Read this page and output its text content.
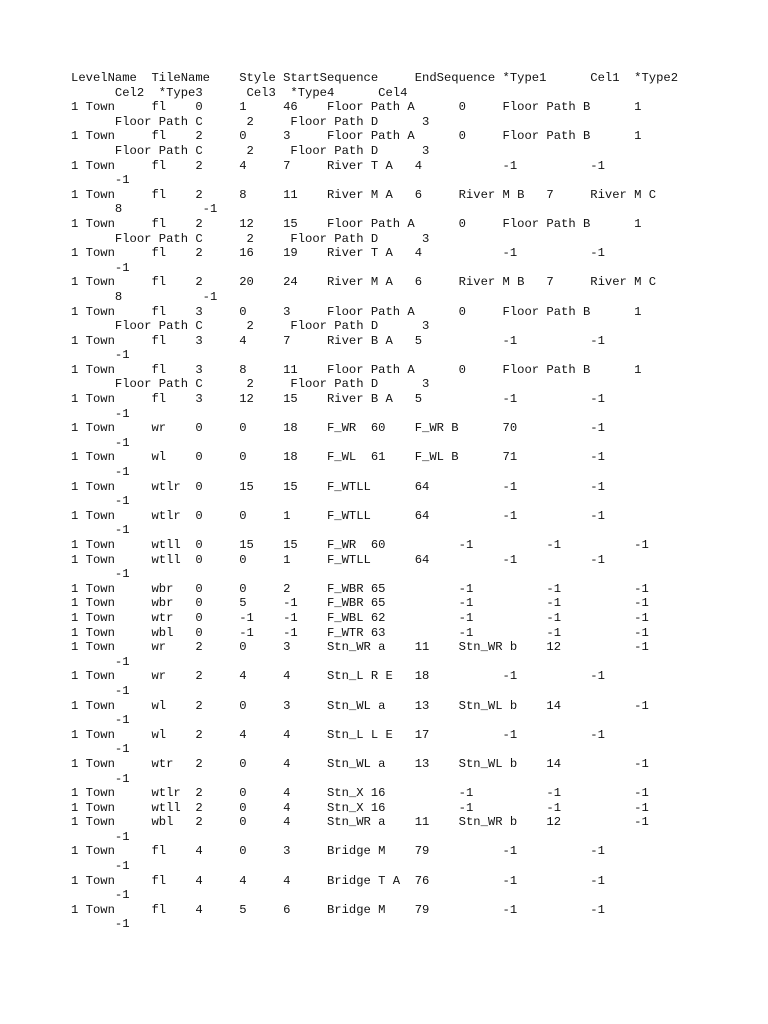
LevelName  TileName    Style StartSequence     EndSequence *Type1      Cel1  *Type2
Cel2  *Type3      Cel3  *Type4      Cel4
1 Town     fl    0     1     46    Floor Path A      0     Floor Path B      1
Floor Path C      2     Floor Path D      3
1 Town     fl    2     0     3     Floor Path A      0     Floor Path B      1
Floor Path C      2     Floor Path D      3
1 Town     fl    2     4     7     River T A   4           -1          -1
-1
1 Town     fl    2     8     11    River M A   6     River M B   7     River M C
8           -1
1 Town     fl    2     12    15    Floor Path A      0     Floor Path B      1
Floor Path C      2     Floor Path D      3
1 Town     fl    2     16    19    River T A   4           -1          -1
-1
1 Town     fl    2     20    24    River M A   6     River M B   7     River M C
8           -1
1 Town     fl    3     0     3     Floor Path A      0     Floor Path B      1
Floor Path C      2     Floor Path D      3
1 Town     fl    3     4     7     River B A   5           -1          -1
-1
1 Town     fl    3     8     11    Floor Path A      0     Floor Path B      1
Floor Path C      2     Floor Path D      3
1 Town     fl    3     12    15    River B A   5           -1          -1
-1
1 Town     wr    0     0     18    F_WR  60    F_WR B      70          -1
-1
1 Town     wl    0     0     18    F_WL  61    F_WL B      71          -1
-1
1 Town     wtlr  0     15    15    F_WTLL      64          -1          -1
-1
1 Town     wtlr  0     0     1     F_WTLL      64          -1          -1
-1
1 Town     wtll  0     15    15    F_WR  60          -1          -1          -1
1 Town     wtll  0     0     1     F_WTLL      64          -1          -1
-1
1 Town     wbr   0     0     2     F_WBR 65          -1          -1          -1
1 Town     wbr   0     5     -1    F_WBR 65          -1          -1          -1
1 Town     wtr   0     -1    -1    F_WBL 62          -1          -1          -1
1 Town     wbl   0     -1    -1    F_WTR 63          -1          -1          -1
1 Town     wr    2     0     3     Stn_WR a    11    Stn_WR b    12          -1
-1
1 Town     wr    2     4     4     Stn_L R E   18          -1          -1
-1
1 Town     wl    2     0     3     Stn_WL a    13    Stn_WL b    14          -1
-1
1 Town     wl    2     4     4     Stn_L L E   17          -1          -1
-1
1 Town     wtr   2     0     4     Stn_WL a    13    Stn_WL b    14          -1
-1
1 Town     wtlr  2     0     4     Stn_X 16          -1          -1          -1
1 Town     wtll  2     0     4     Stn_X 16          -1          -1          -1
1 Town     wbl   2     0     4     Stn_WR a    11    Stn_WR b    12          -1
-1
1 Town     fl    4     0     3     Bridge M    79          -1          -1
-1
1 Town     fl    4     4     4     Bridge T A  76          -1          -1
-1
1 Town     fl    4     5     6     Bridge M    79          -1          -1
-1
